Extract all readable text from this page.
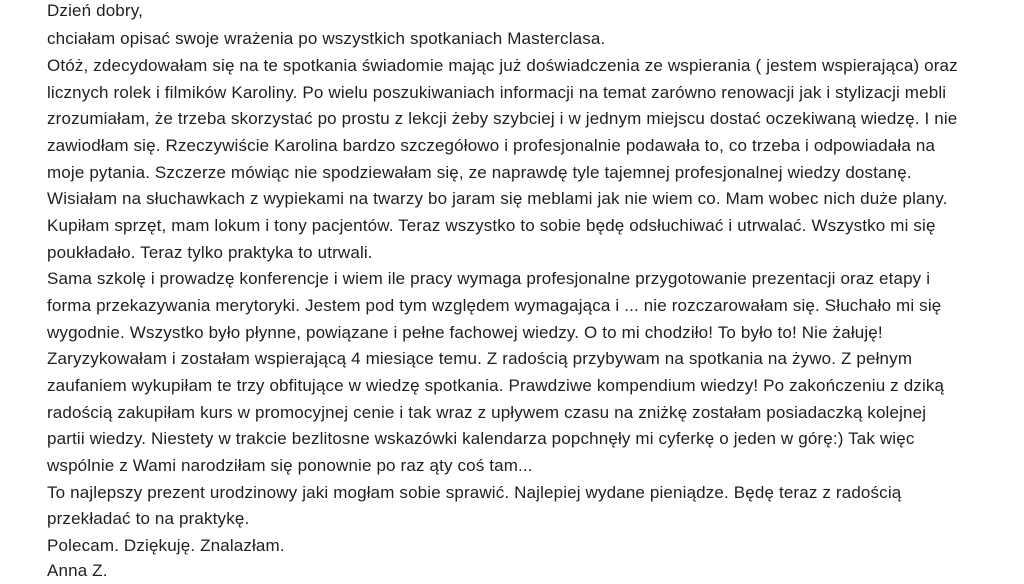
Dzień dobry,

chciałam opisać swoje wrażenia po wszystkich spotkaniach Masterclasa.

Otóż, zdecydowałam się na te spotkania świadomie mając już doświadczenia ze wspierania ( jestem wspierająca) oraz

licznych rolek i filmików Karoliny. Po wielu poszukiwaniach informacji na temat zarówno renowacji jak i stylizacji mebli

zrozumiałam, że trzeba skorzystać po prostu z lekcji żeby szybciej i w jednym miejscu dostać oczekiwaną wiedzę. I nie

zawiodłam się. Rzeczywiście Karolina bardzo szczegółowo i profesjonalnie podawała to, co trzeba i odpowiadała na

moje pytania. Szczerze mówiąc nie spodziewałam się, ze naprawdę tyle tajemnej profesjonalnej wiedzy dostanę.

Wisiałam na słuchawkach z wypiekami na twarzy bo jaram się meblami jak nie wiem co. Mam wobec nich duże plany.

Kupiłam sprzęt, mam lokum i tony pacjentów. Teraz wszystko to sobie będę odsłuchiwać i utrwalać. Wszystko mi się

poukładało. Teraz tylko praktyka to utrwali.

Sama szkolę i prowadzę konferencje i wiem ile pracy wymaga profesjonalne przygotowanie prezentacji oraz etapy i

forma przekazywania merytoryki. Jestem pod tym względem wymagająca i ... nie rozczarowałam się. Słuchało mi się

wygodnie. Wszystko było płynne, powiązane i pełne fachowej wiedzy. O to mi chodziło! To było to! Nie żałuję!

Zaryzykowałam i zostałam wspierającą 4 miesiące temu. Z radością przybywam na spotkania na żywo. Z pełnym

zaufaniem wykupiłam te trzy obfitujące w wiedzę spotkania. Prawdziwe kompendium wiedzy! Po zakończeniu z dziką

radością zakupiłam kurs w promocyjnej cenie i tak wraz z upływem czasu na zniżkę zostałam posiadaczką kolejnej

partii wiedzy. Niestety w trakcie bezlitosne wskazówki kalendarza popchnęły mi cyferkę o jeden w górę:) Tak więc

wspólnie z Wami narodziłam się ponownie po raz ąty coś tam...

To najlepszy prezent urodzinowy jaki mogłam sobie sprawić. Najlepiej wydane pieniądze. Będę teraz z radością

przekładać to na praktykę.

Polecam. Dziękuję. Znalazłam.

Anna Z.
